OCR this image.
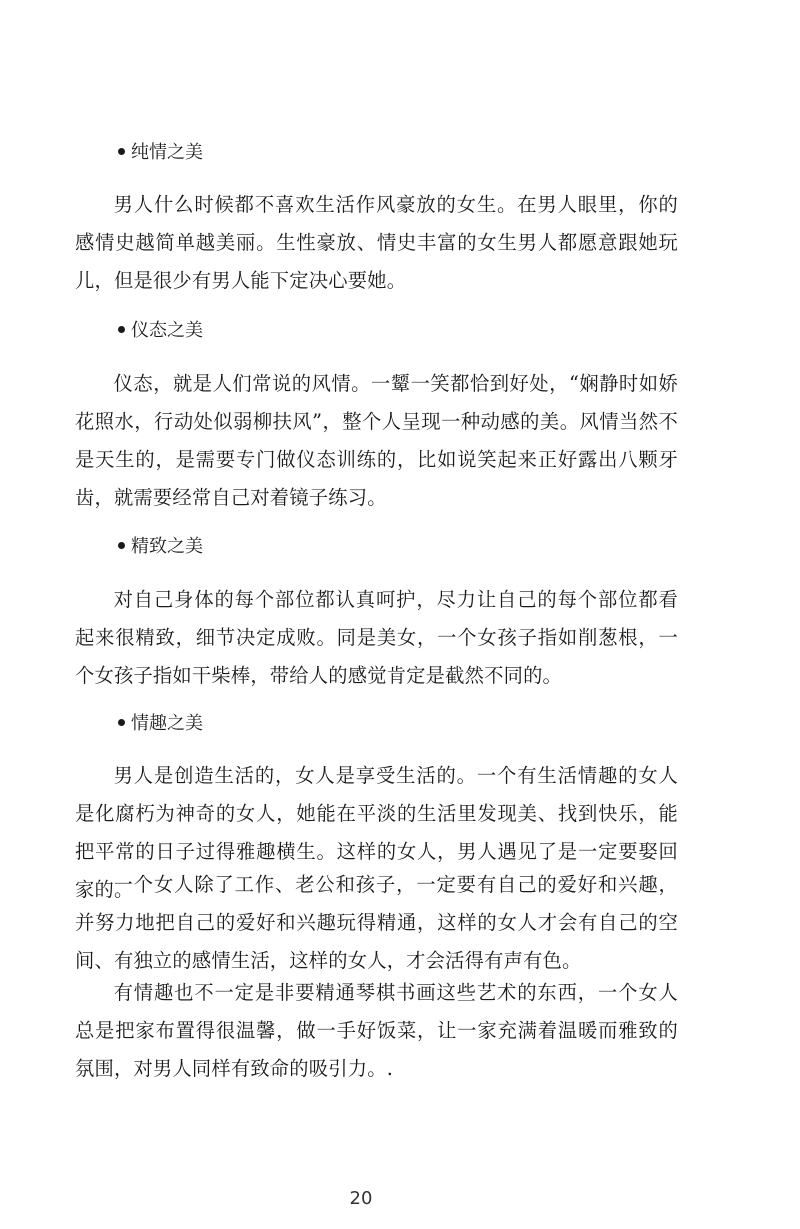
纯情之美

男人什么时候都不喜欢生活作风豪放的女生。在男人眼里，你的感情史越简单越美丽。生性豪放、情史丰富的女生男人都愿意跟她玩儿，但是很少有男人能下定决心要她。

仪态之美

仪态，就是人们常说的风情。一颦一笑都恰到好处，“娴静时如娇花照水，行动处似弱柳扶风”，整个人呈现一种动感的美。风情当然不是天生的，是需要专门做仪态训练的，比如说笑起来正好露出八颗牙齿，就需要经常自己对着镜子练习。

精致之美

对自己身体的每个部位都认真呵护，尽力让自己的每个部位都看起来很精致，细节决定成败。同是美女，一个女孩子指如削葱根，一个女孩子指如干柴棒，带给人的感觉肯定是截然不同的。

情趣之美

男人是创造生活的，女人是享受生活的。一个有生活情趣的女人是化腐朽为神奇的女人，她能在平淡的生活里发现美、找到快乐，能把平常的日子过得雅趣横生。这样的女人，男人遇见了是一定要娶回家的。

一个女人除了工作、老公和孩子，一定要有自己的爱好和兴趣，并努力地把自己的爱好和兴趣玩得精通，这样的女人才会有自己的空间、有独立的感情生活，这样的女人，才会活得有声有色。

有情趣也不一定是非要精通琴棋书画这些艺术的东西，一个女人总是把家布置得很温馨，做一手好饭菜，让一家充满着温暖而雅致的氛围，对男人同样有致命的吸引力。.

20
